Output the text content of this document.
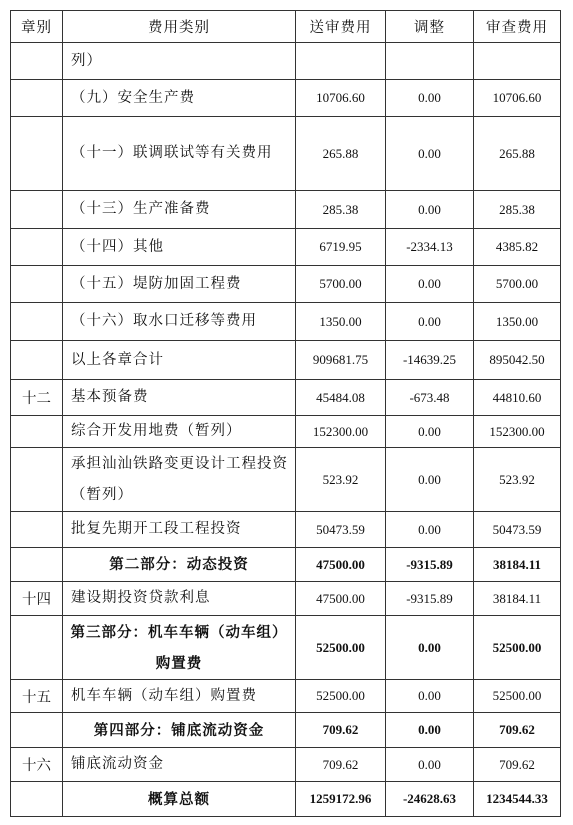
章别	费用类别	送审费用	调整	审查费用
	列）			
	（九）安全生产费	10706.60	0.00	10706.60
	（十一）联调联试等有关费用	265.88	0.00	265.88
	（十三）生产准备费	285.38	0.00	285.38
	（十四）其他	6719.95	-2334.13	4385.82
	（十五）堤防加固工程费	5700.00	0.00	5700.00
	（十六）取水口迁移等费用	1350.00	0.00	1350.00
	以上各章合计	909681.75	-14639.25	895042.50
十二	基本预备费	45484.08	-673.48	44810.60
	综合开发用地费（暂列）	152300.00	0.00	152300.00
	承担汕汕铁路变更设计工程投资（暂列）	523.92	0.00	523.92
	批复先期开工段工程投资	50473.59	0.00	50473.59
	第二部分：动态投资	47500.00	-9315.89	38184.11
十四	建设期投资贷款利息	47500.00	-9315.89	38184.11
	第三部分：机车车辆（动车组）购置费	52500.00	0.00	52500.00
十五	机车车辆（动车组）购置费	52500.00	0.00	52500.00
	第四部分：铺底流动资金	709.62	0.00	709.62
十六	铺底流动资金	709.62	0.00	709.62
	概算总额	1259172.96	-24628.63	1234544.33
